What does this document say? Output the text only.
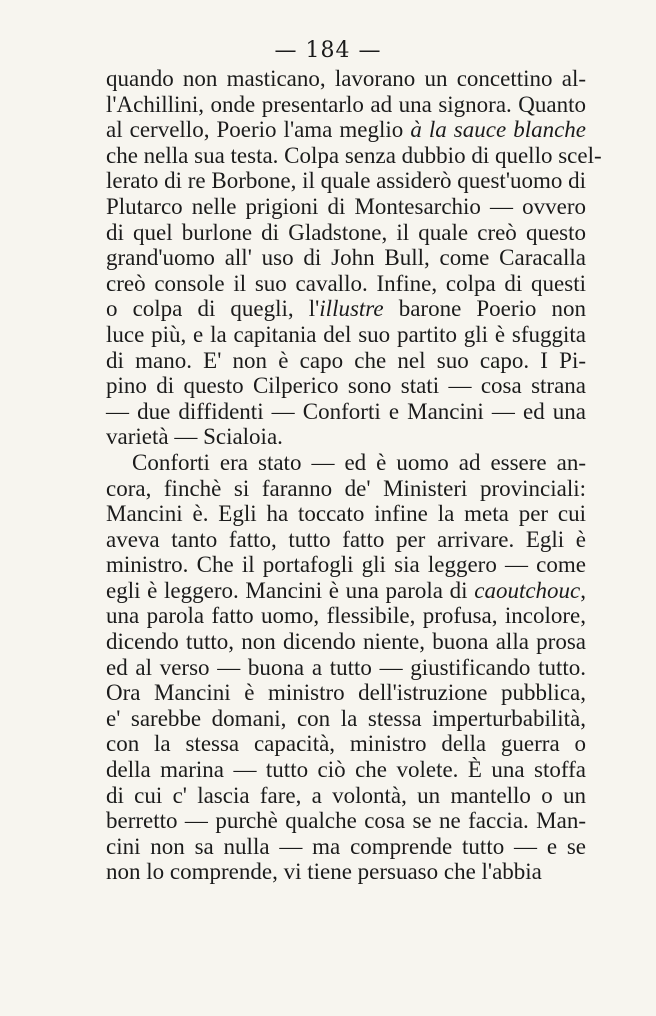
— 184 —
quando non masticano, lavorano un concettino al-
l'Achillini, onde presentarlo ad una signora. Quanto
al cervello, Poerio l'ama meglio à la sauce blanche
che nella sua testa. Colpa senza dubbio di quello scel-
lerato di re Borbone, il quale assiderò quest'uomo di
Plutarco nelle prigioni di Montesarchio — ovvero
di quel burlone di Gladstone, il quale creò questo
grand'uomo all' uso di John Bull, come Caracalla
creò console il suo cavallo. Infine, colpa di questi
o colpa di quegli, l'illustre barone Poerio non
luce più, e la capitania del suo partito gli è sfuggita
di mano. E' non è capo che nel suo capo. I Pi-
pino di questo Cilperico sono stati — cosa strana
— due diffidenti — Conforti e Mancini — ed una
varietà — Scialoia.
Conforti era stato — ed è uomo ad essere an-
cora, finchè si faranno de' Ministeri provinciali:
Mancini è. Egli ha toccato infine la meta per cui
aveva tanto fatto, tutto fatto per arrivare. Egli è
ministro. Che il portafogli gli sia leggero — come
egli è leggero. Mancini è una parola di caoutchouc,
una parola fatto uomo, flessibile, profusa, incolore,
dicendo tutto, non dicendo niente, buona alla prosa
ed al verso — buona a tutto — giustificando tutto.
Ora Mancini è ministro dell'istruzione pubblica,
e' sarebbe domani, con la stessa imperturbabilità,
con la stessa capacità, ministro della guerra o
della marina — tutto ciò che volete. È una stoffa
di cui c' lascia fare, a volontà, un mantello o un
berretto — purchè qualche cosa se ne faccia. Man-
cini non sa nulla — ma comprende tutto — e se
non lo comprende, vi tiene persuaso che l'abbia
